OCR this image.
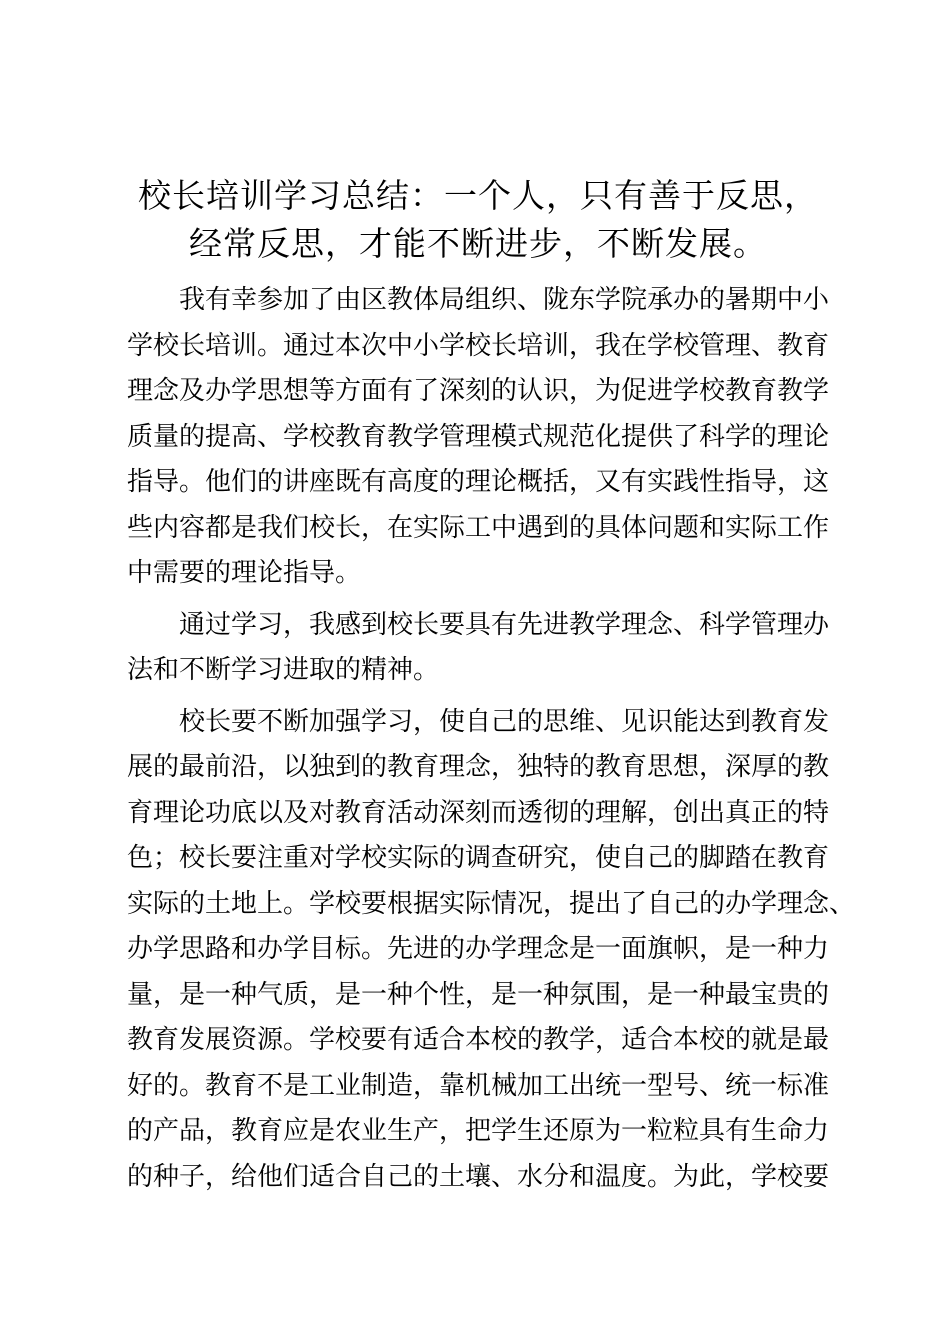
校长培训学习总结：一个人，只有善于反思，
经常反思，才能不断进步，不断发展。

我有幸参加了由区教体局组织、陇东学院承办的暑期中小
学校长培训。通过本次中小学校长培训，我在学校管理、教育
理念及办学思想等方面有了深刻的认识，为促进学校教育教学
质量的提高、学校教育教学管理模式规范化提供了科学的理论
指导。他们的讲座既有高度的理论概括，又有实践性指导，这
些内容都是我们校长，在实际工中遇到的具体问题和实际工作
中需要的理论指导。

通过学习，我感到校长要具有先进教学理念、科学管理办
法和不断学习进取的精神。

校长要不断加强学习，使自己的思维、见识能达到教育发
展的最前沿，以独到的教育理念，独特的教育思想，深厚的教
育理论功底以及对教育活动深刻而透彻的理解，创出真正的特
色；校长要注重对学校实际的调查研究，使自己的脚踏在教育
实际的土地上。学校要根据实际情况，提出了自己的办学理念、
办学思路和办学目标。先进的办学理念是一面旗帜，是一种力
量，是一种气质，是一种个性，是一种氛围，是一种最宝贵的
教育发展资源。学校要有适合本校的教学，适合本校的就是最
好的。教育不是工业制造，靠机械加工出统一型号、统一标准
的产品，教育应是农业生产，把学生还原为一粒粒具有生命力
的种子，给他们适合自己的土壤、水分和温度。为此，学校要
